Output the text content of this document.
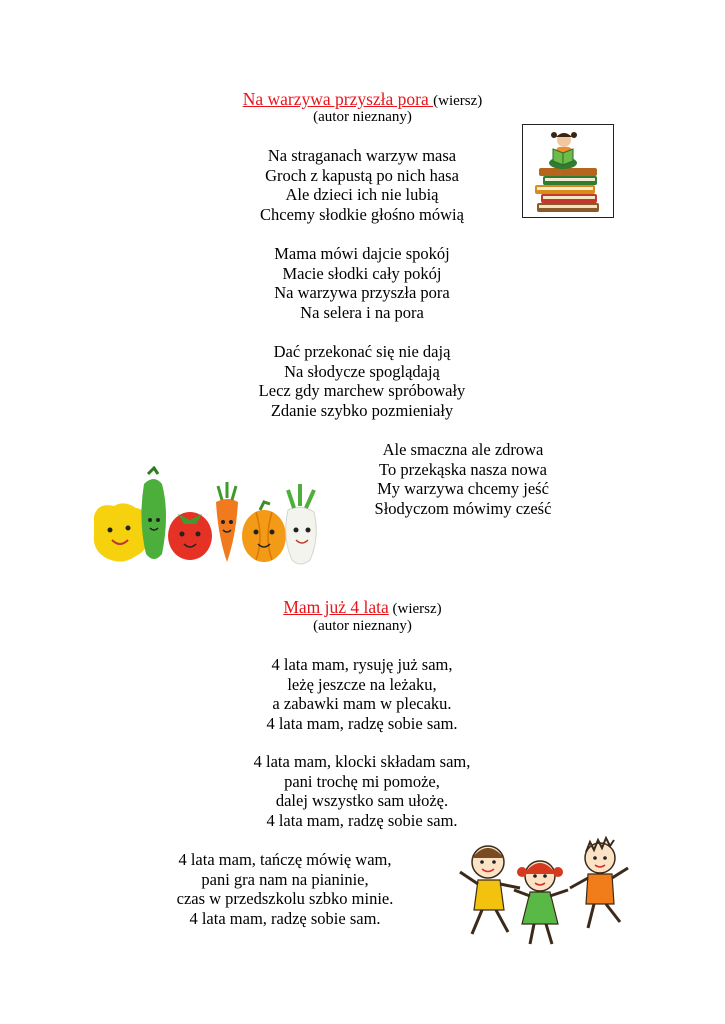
Na warzywa przyszła pora (wiersz)
(autor nieznany)
Na straganach warzyw masa
Groch z kapustą po nich hasa
Ale dzieci ich nie lubią
Chcemy słodkie głośno mówią
Mama mówi dajcie spokój
Macie słodki cały pokój
Na warzywa przyszła pora
Na selera i na pora
Dać przekonać się nie dają
Na słodycze spoglądają
Lecz gdy marchew spróbowały
Zdanie szybko pozmieniały
Ale smaczna ale zdrowa
To przekąska nasza nowa
My warzywa chcemy jeść
Słodyczom mówimy cześć
Mam już 4 lata (wiersz)
(autor nieznany)
4 lata mam, rysuję już sam,
leżę jeszcze na leżaku,
a zabawki mam w plecaku.
4 lata mam, radzę sobie sam.
4 lata mam, klocki składam sam,
pani trochę mi pomoże,
dalej wszystko sam ułożę.
4 lata mam, radzę sobie sam.
4 lata mam, tańczę mówię wam,
pani gra nam na pianinie,
czas w przedszkolu szbko minie.
4 lata mam, radzę sobie sam.
